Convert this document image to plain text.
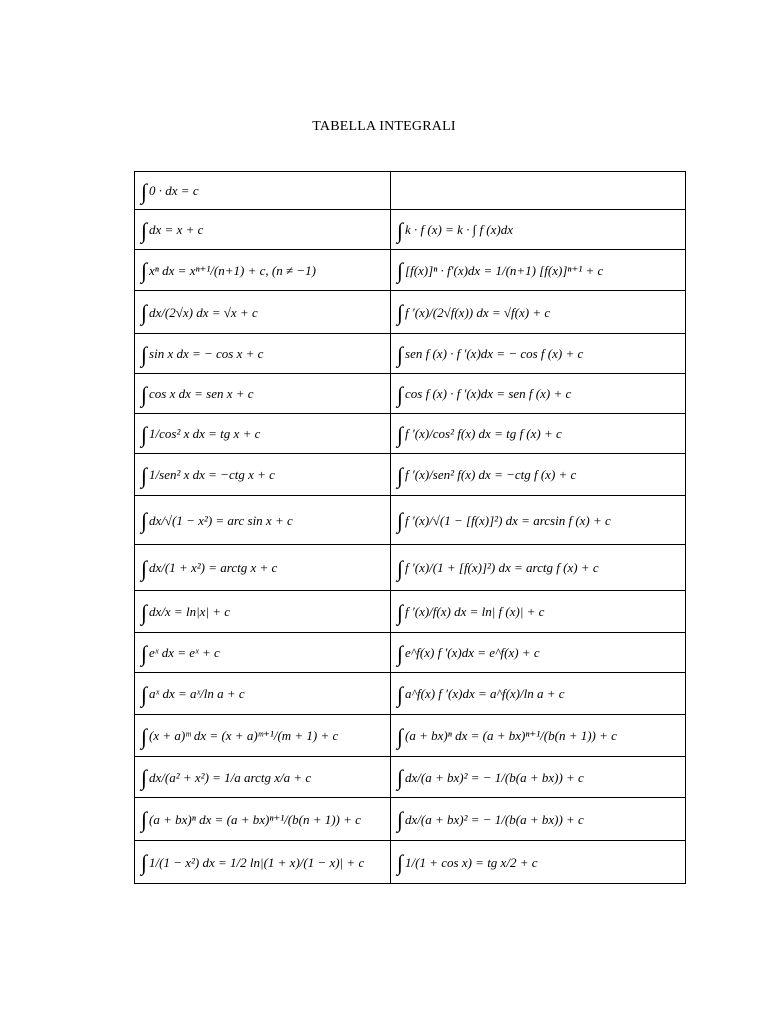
TABELLA INTEGRALI
∫ 0 · dx = c	

∫ dx = x + c	∫ k · f (x) = k · ∫ f (x)dx

∫ xⁿ dx = xⁿ⁺¹/(n+1) + c, (n ≠ −1)	∫ [f(x)]ⁿ · f′(x)dx = 1/(n+1) [f(x)]ⁿ⁺¹ + c

∫ dx/(2√x) dx = √x + c	∫ f ′(x)/(2√f(x)) dx = √f(x) + c

∫ sin x dx = − cos x + c	∫ sen f (x) · f ′(x)dx = − cos f (x) + c

∫ cos x dx = sen x + c	∫ cos f (x) · f ′(x)dx = sen f (x) + c

∫ 1/cos² x dx = tg x + c	∫ f ′(x)/cos² f(x) dx = tg f (x) + c

∫ 1/sen² x dx = −ctg x + c	∫ f ′(x)/sen² f(x) dx = −ctg f (x) + c

∫ dx/√(1 − x²) = arc sin x + c	∫ f ′(x)/√(1 − [f(x)]²) dx = arcsin f (x) + c

∫ dx/(1 + x²) = arctg x + c	∫ f ′(x)/(1 + [f(x)]²) dx = arctg f (x) + c

∫ dx/x = ln|x| + c	∫ f ′(x)/f(x) dx = ln| f (x)| + c

∫ eˣ dx = eˣ + c	∫ e^f(x) f ′(x)dx = e^f(x) + c

∫ aˣ dx = aˣ/ln a + c	∫ a^f(x) f ′(x)dx = a^f(x)/ln a + c

∫ (x + a)ᵐ dx = (x + a)ᵐ⁺¹/(m + 1) + c	∫ (a + bx)ⁿ dx = (a + bx)ⁿ⁺¹/(b(n + 1)) + c

∫ dx/(a² + x²) = 1/a arctg x/a + c	∫ dx/(a + bx)² = − 1/(b(a + bx)) + c

∫ (a + bx)ⁿ dx = (a + bx)ⁿ⁺¹/(b(n + 1)) + c	∫ dx/(a + bx)² = − 1/(b(a + bx)) + c

∫ 1/(1 − x²) dx = 1/2 ln|(1 + x)/(1 − x)| + c	∫ 1/(1 + cos x) = tg x/2 + c
